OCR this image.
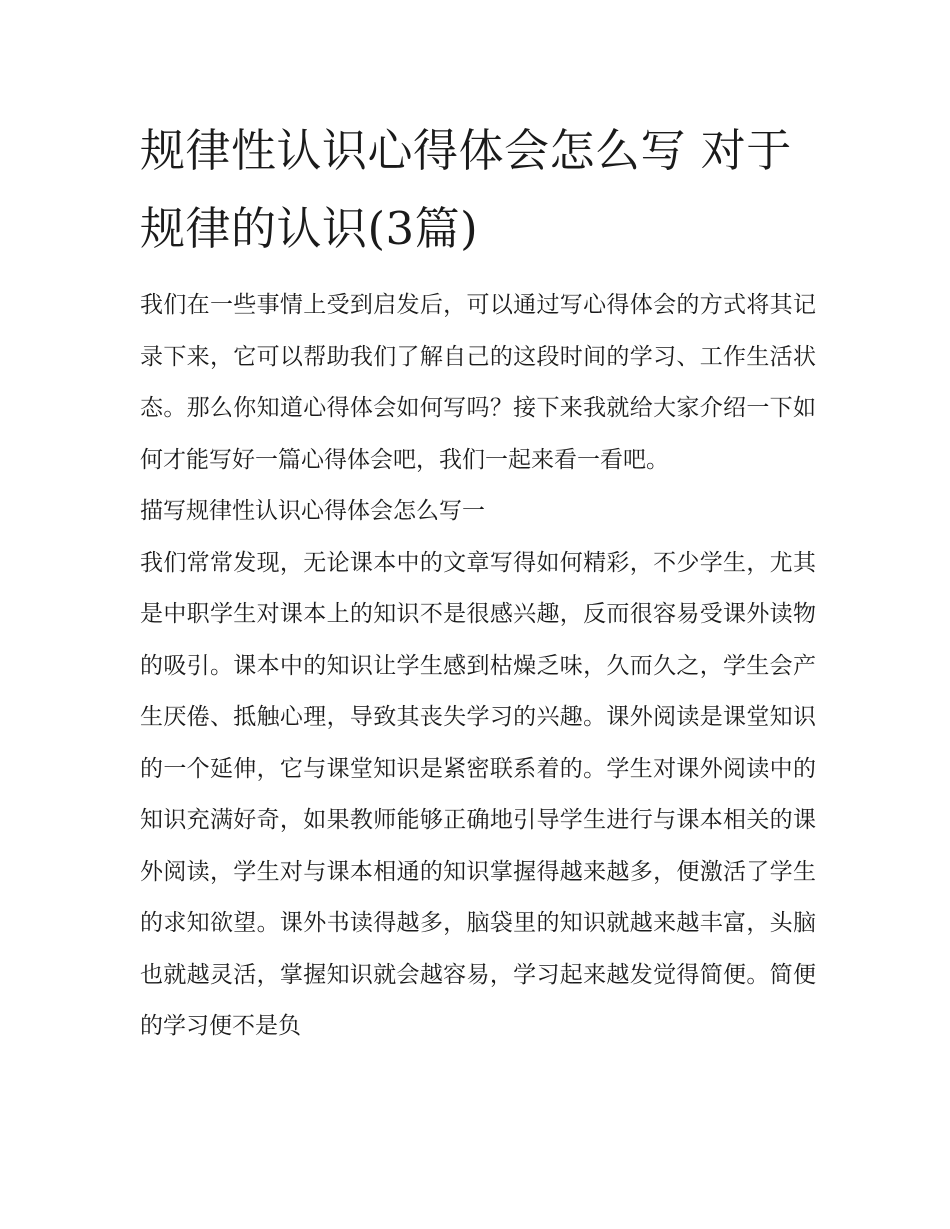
规律性认识心得体会怎么写 对于规律的认识(3篇)

我们在一些事情上受到启发后，可以通过写心得体会的方式将其记录下来，它可以帮助我们了解自己的这段时间的学习、工作生活状态。那么你知道心得体会如何写吗？接下来我就给大家介绍一下如何才能写好一篇心得体会吧，我们一起来看一看吧。

描写规律性认识心得体会怎么写一

我们常常发现，无论课本中的文章写得如何精彩，不少学生，尤其是中职学生对课本上的知识不是很感兴趣，反而很容易受课外读物的吸引。课本中的知识让学生感到枯燥乏味，久而久之，学生会产生厌倦、抵触心理，导致其丧失学习的兴趣。课外阅读是课堂知识的一个延伸，它与课堂知识是紧密联系着的。学生对课外阅读中的知识充满好奇，如果教师能够正确地引导学生进行与课本相关的课外阅读，学生对与课本相通的知识掌握得越来越多，便激活了学生的求知欲望。课外书读得越多，脑袋里的知识就越来越丰富，头脑也就越灵活，掌握知识就会越容易，学习起来越发觉得简便。简便的学习便不是负
